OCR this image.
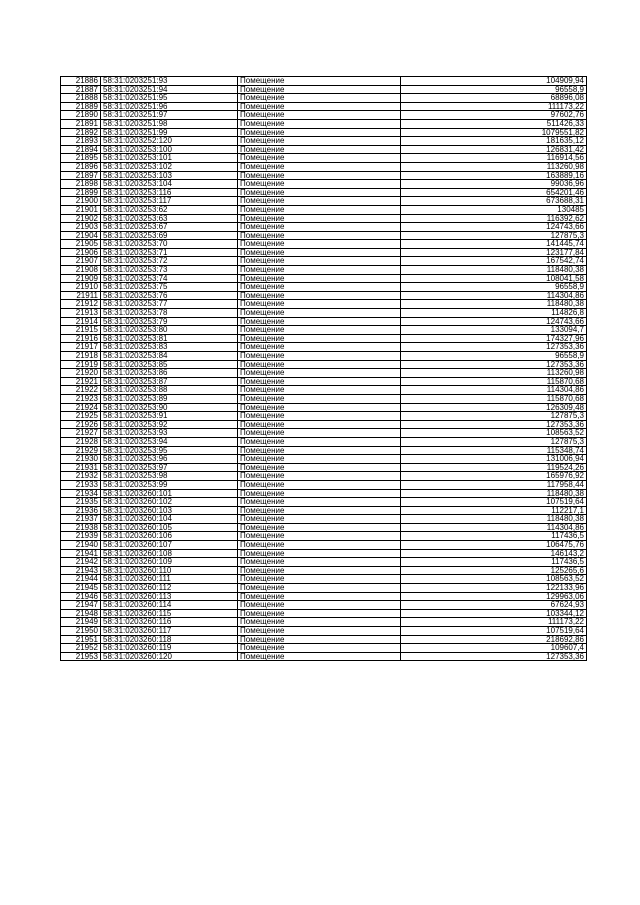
21886	58:31:0203251:93	Помещение	104909,94
21887	58:31:0203251:94	Помещение	96558,9
21888	58:31:0203251:95	Помещение	68896,08
21889	58:31:0203251:96	Помещение	111173,22
21890	58:31:0203251:97	Помещение	97602,76
21891	58:31:0203251:98	Помещение	511426,33
21892	58:31:0203251:99	Помещение	1079551,82
21893	58:31:0203252:120	Помещение	181635,12
21894	58:31:0203253:100	Помещение	126831,42
21895	58:31:0203253:101	Помещение	116914,56
21896	58:31:0203253:102	Помещение	113260,98
21897	58:31:0203253:103	Помещение	163889,16
21898	58:31:0203253:104	Помещение	99036,96
21899	58:31:0203253:116	Помещение	654201,46
21900	58:31:0203253:117	Помещение	673688,31
21901	58:31:0203253:62	Помещение	130485
21902	58:31:0203253:63	Помещение	116392,62
21903	58:31:0203253:67	Помещение	124743,66
21904	58:31:0203253:69	Помещение	127875,3
21905	58:31:0203253:70	Помещение	141445,74
21906	58:31:0203253:71	Помещение	123177,84
21907	58:31:0203253:72	Помещение	167542,74
21908	58:31:0203253:73	Помещение	118480,38
21909	58:31:0203253:74	Помещение	108041,58
21910	58:31:0203253:75	Помещение	96558,9
21911	58:31:0203253:76	Помещение	114304,86
21912	58:31:0203253:77	Помещение	118480,38
21913	58:31:0203253:78	Помещение	114826,8
21914	58:31:0203253:79	Помещение	124743,66
21915	58:31:0203253:80	Помещение	133094,7
21916	58:31:0203253:81	Помещение	174327,96
21917	58:31:0203253:83	Помещение	127353,36
21918	58:31:0203253:84	Помещение	96558,9
21919	58:31:0203253:85	Помещение	127353,36
21920	58:31:0203253:86	Помещение	113260,98
21921	58:31:0203253:87	Помещение	115870,68
21922	58:31:0203253:88	Помещение	114304,86
21923	58:31:0203253:89	Помещение	115870,68
21924	58:31:0203253:90	Помещение	126309,48
21925	58:31:0203253:91	Помещение	127875,3
21926	58:31:0203253:92	Помещение	127353,36
21927	58:31:0203253:93	Помещение	108563,52
21928	58:31:0203253:94	Помещение	127875,3
21929	58:31:0203253:95	Помещение	115348,74
21930	58:31:0203253:96	Помещение	131006,94
21931	58:31:0203253:97	Помещение	119524,26
21932	58:31:0203253:98	Помещение	165976,92
21933	58:31:0203253:99	Помещение	117958,44
21934	58:31:0203260:101	Помещение	118480,38
21935	58:31:0203260:102	Помещение	107519,64
21936	58:31:0203260:103	Помещение	112217,1
21937	58:31:0203260:104	Помещение	118480,38
21938	58:31:0203260:105	Помещение	114304,86
21939	58:31:0203260:106	Помещение	117436,5
21940	58:31:0203260:107	Помещение	106475,76
21941	58:31:0203260:108	Помещение	146143,2
21942	58:31:0203260:109	Помещение	117436,5
21943	58:31:0203260:110	Помещение	125265,6
21944	58:31:0203260:111	Помещение	108563,52
21945	58:31:0203260:112	Помещение	122133,96
21946	58:31:0203260:113	Помещение	129963,06
21947	58:31:0203260:114	Помещение	67624,93
21948	58:31:0203260:115	Помещение	103344,12
21949	58:31:0203260:116	Помещение	111173,22
21950	58:31:0203260:117	Помещение	107519,64
21951	58:31:0203260:118	Помещение	218692,86
21952	58:31:0203260:119	Помещение	109607,4
21953	58:31:0203260:120	Помещение	127353,36
